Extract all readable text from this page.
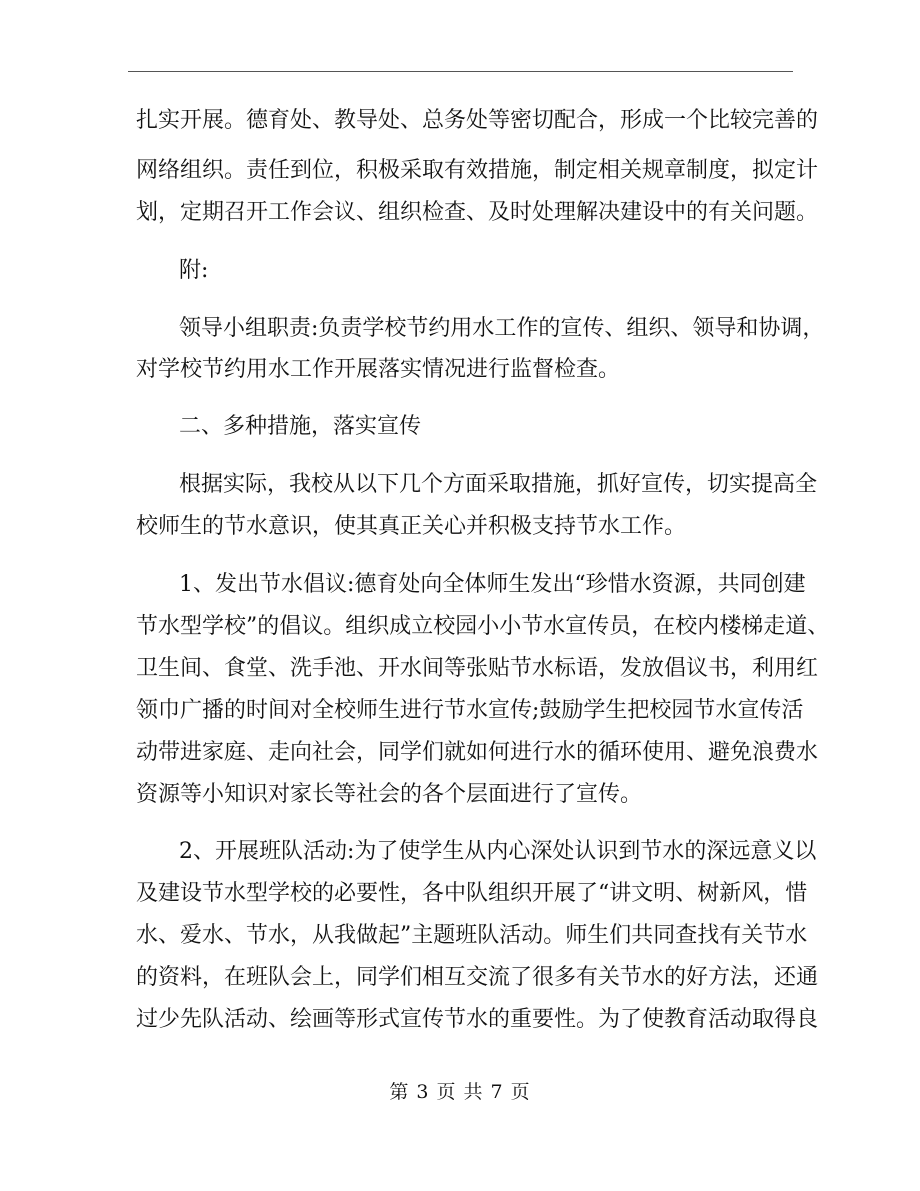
扎实开展。德育处、教导处、总务处等密切配合，形成一个比较完善的
网络组织。责任到位，积极采取有效措施，制定相关规章制度，拟定计
划，定期召开工作会议、组织检查、及时处理解决建设中的有关问题。
附:
领导小组职责:负责学校节约用水工作的宣传、组织、领导和协调，
对学校节约用水工作开展落实情况进行监督检查。
二、多种措施，落实宣传
根据实际，我校从以下几个方面采取措施，抓好宣传，切实提高全
校师生的节水意识，使其真正关心并积极支持节水工作。
1、发出节水倡议:德育处向全体师生发出“珍惜水资源，共同创建
节水型学校”的倡议。组织成立校园小小节水宣传员，在校内楼梯走道、
卫生间、食堂、洗手池、开水间等张贴节水标语，发放倡议书，利用红
领巾广播的时间对全校师生进行节水宣传;鼓励学生把校园节水宣传活
动带进家庭、走向社会，同学们就如何进行水的循环使用、避免浪费水
资源等小知识对家长等社会的各个层面进行了宣传。
2、开展班队活动:为了使学生从内心深处认识到节水的深远意义以
及建设节水型学校的必要性，各中队组织开展了“讲文明、树新风，惜
水、爱水、节水，从我做起”主题班队活动。师生们共同查找有关节水
的资料，在班队会上，同学们相互交流了很多有关节水的好方法，还通
过少先队活动、绘画等形式宣传节水的重要性。为了使教育活动取得良
第 3 页 共 7 页
